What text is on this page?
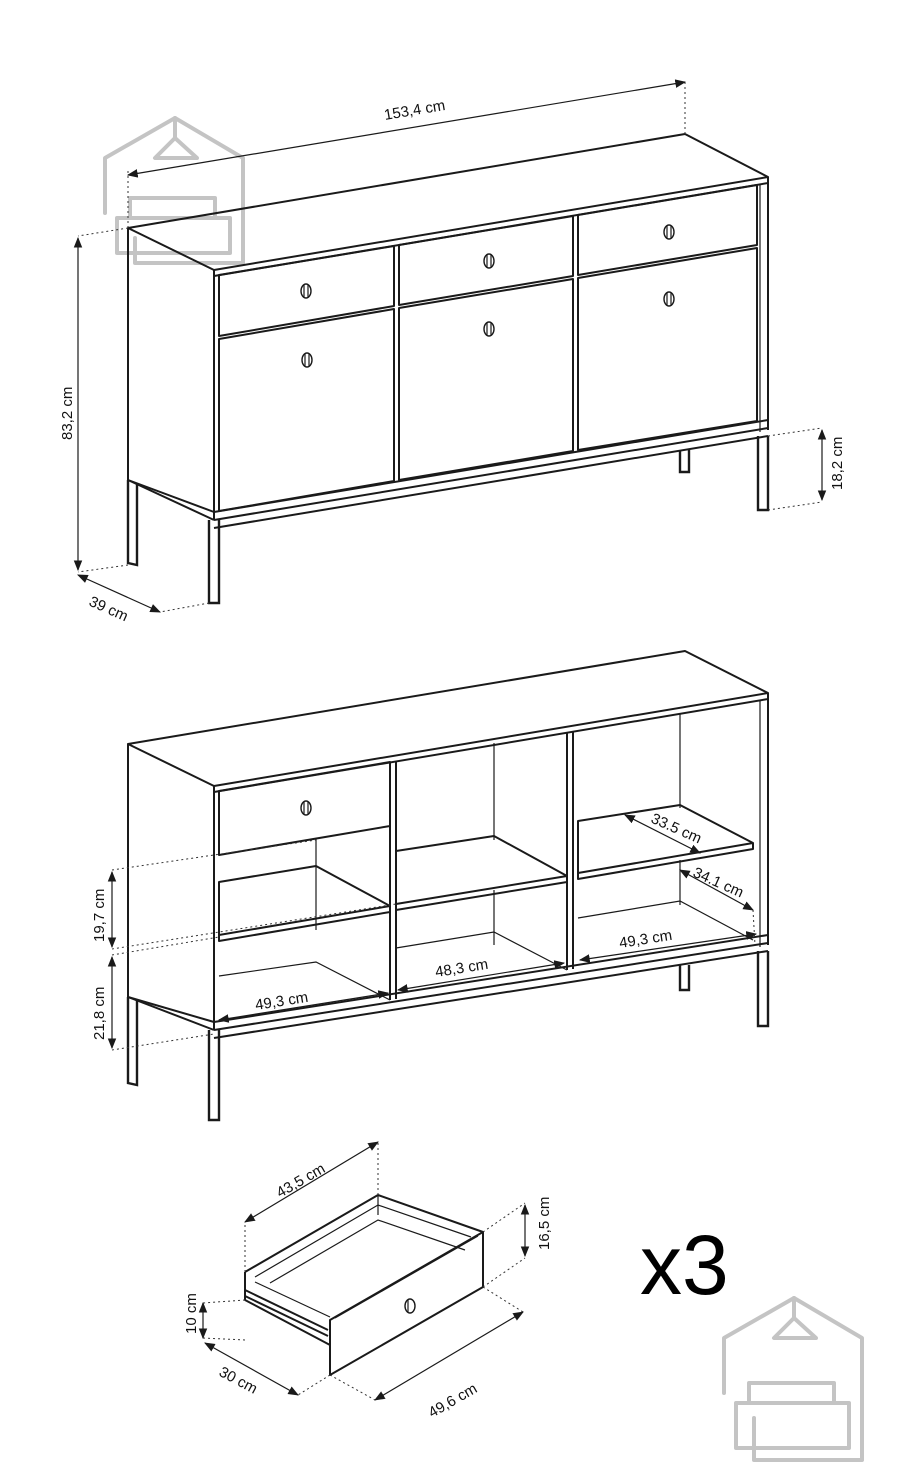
153,4 cm
83,2 cm
39 cm
18,2 cm
19,7 cm
21,8 cm	49,3 cm
48,3 cm
49,3 cm
33.5 cm
34.1 cm
43,5 cm
16,5 cm
10 cm
30 cm	49,6 cm
x3
